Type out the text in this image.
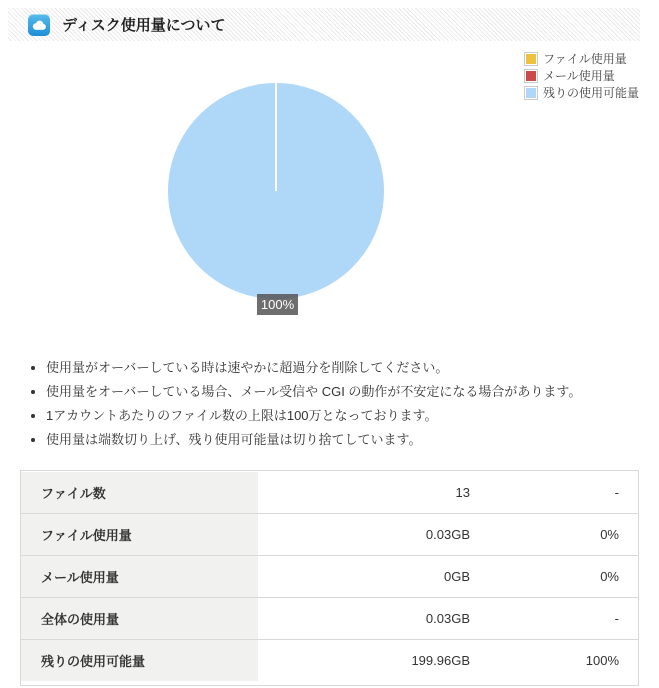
ディスク使用量について
100%
ファイル使用量
メール使用量
残りの使用可能量
• 使用量がオーバーしている時は速やかに超過分を削除してください。
• 使用量をオーバーしている場合、メール受信や CGI の動作が不安定になる場合があります。
• 1アカウントあたりのファイル数の上限は100万となっております。
• 使用量は端数切り上げ、残り使用可能量は切り捨てしています。
ファイル数	13	-
ファイル使用量	0.03GB	0%
メール使用量	0GB	0%
全体の使用量	0.03GB	-
残りの使用可能量	199.96GB	100%
